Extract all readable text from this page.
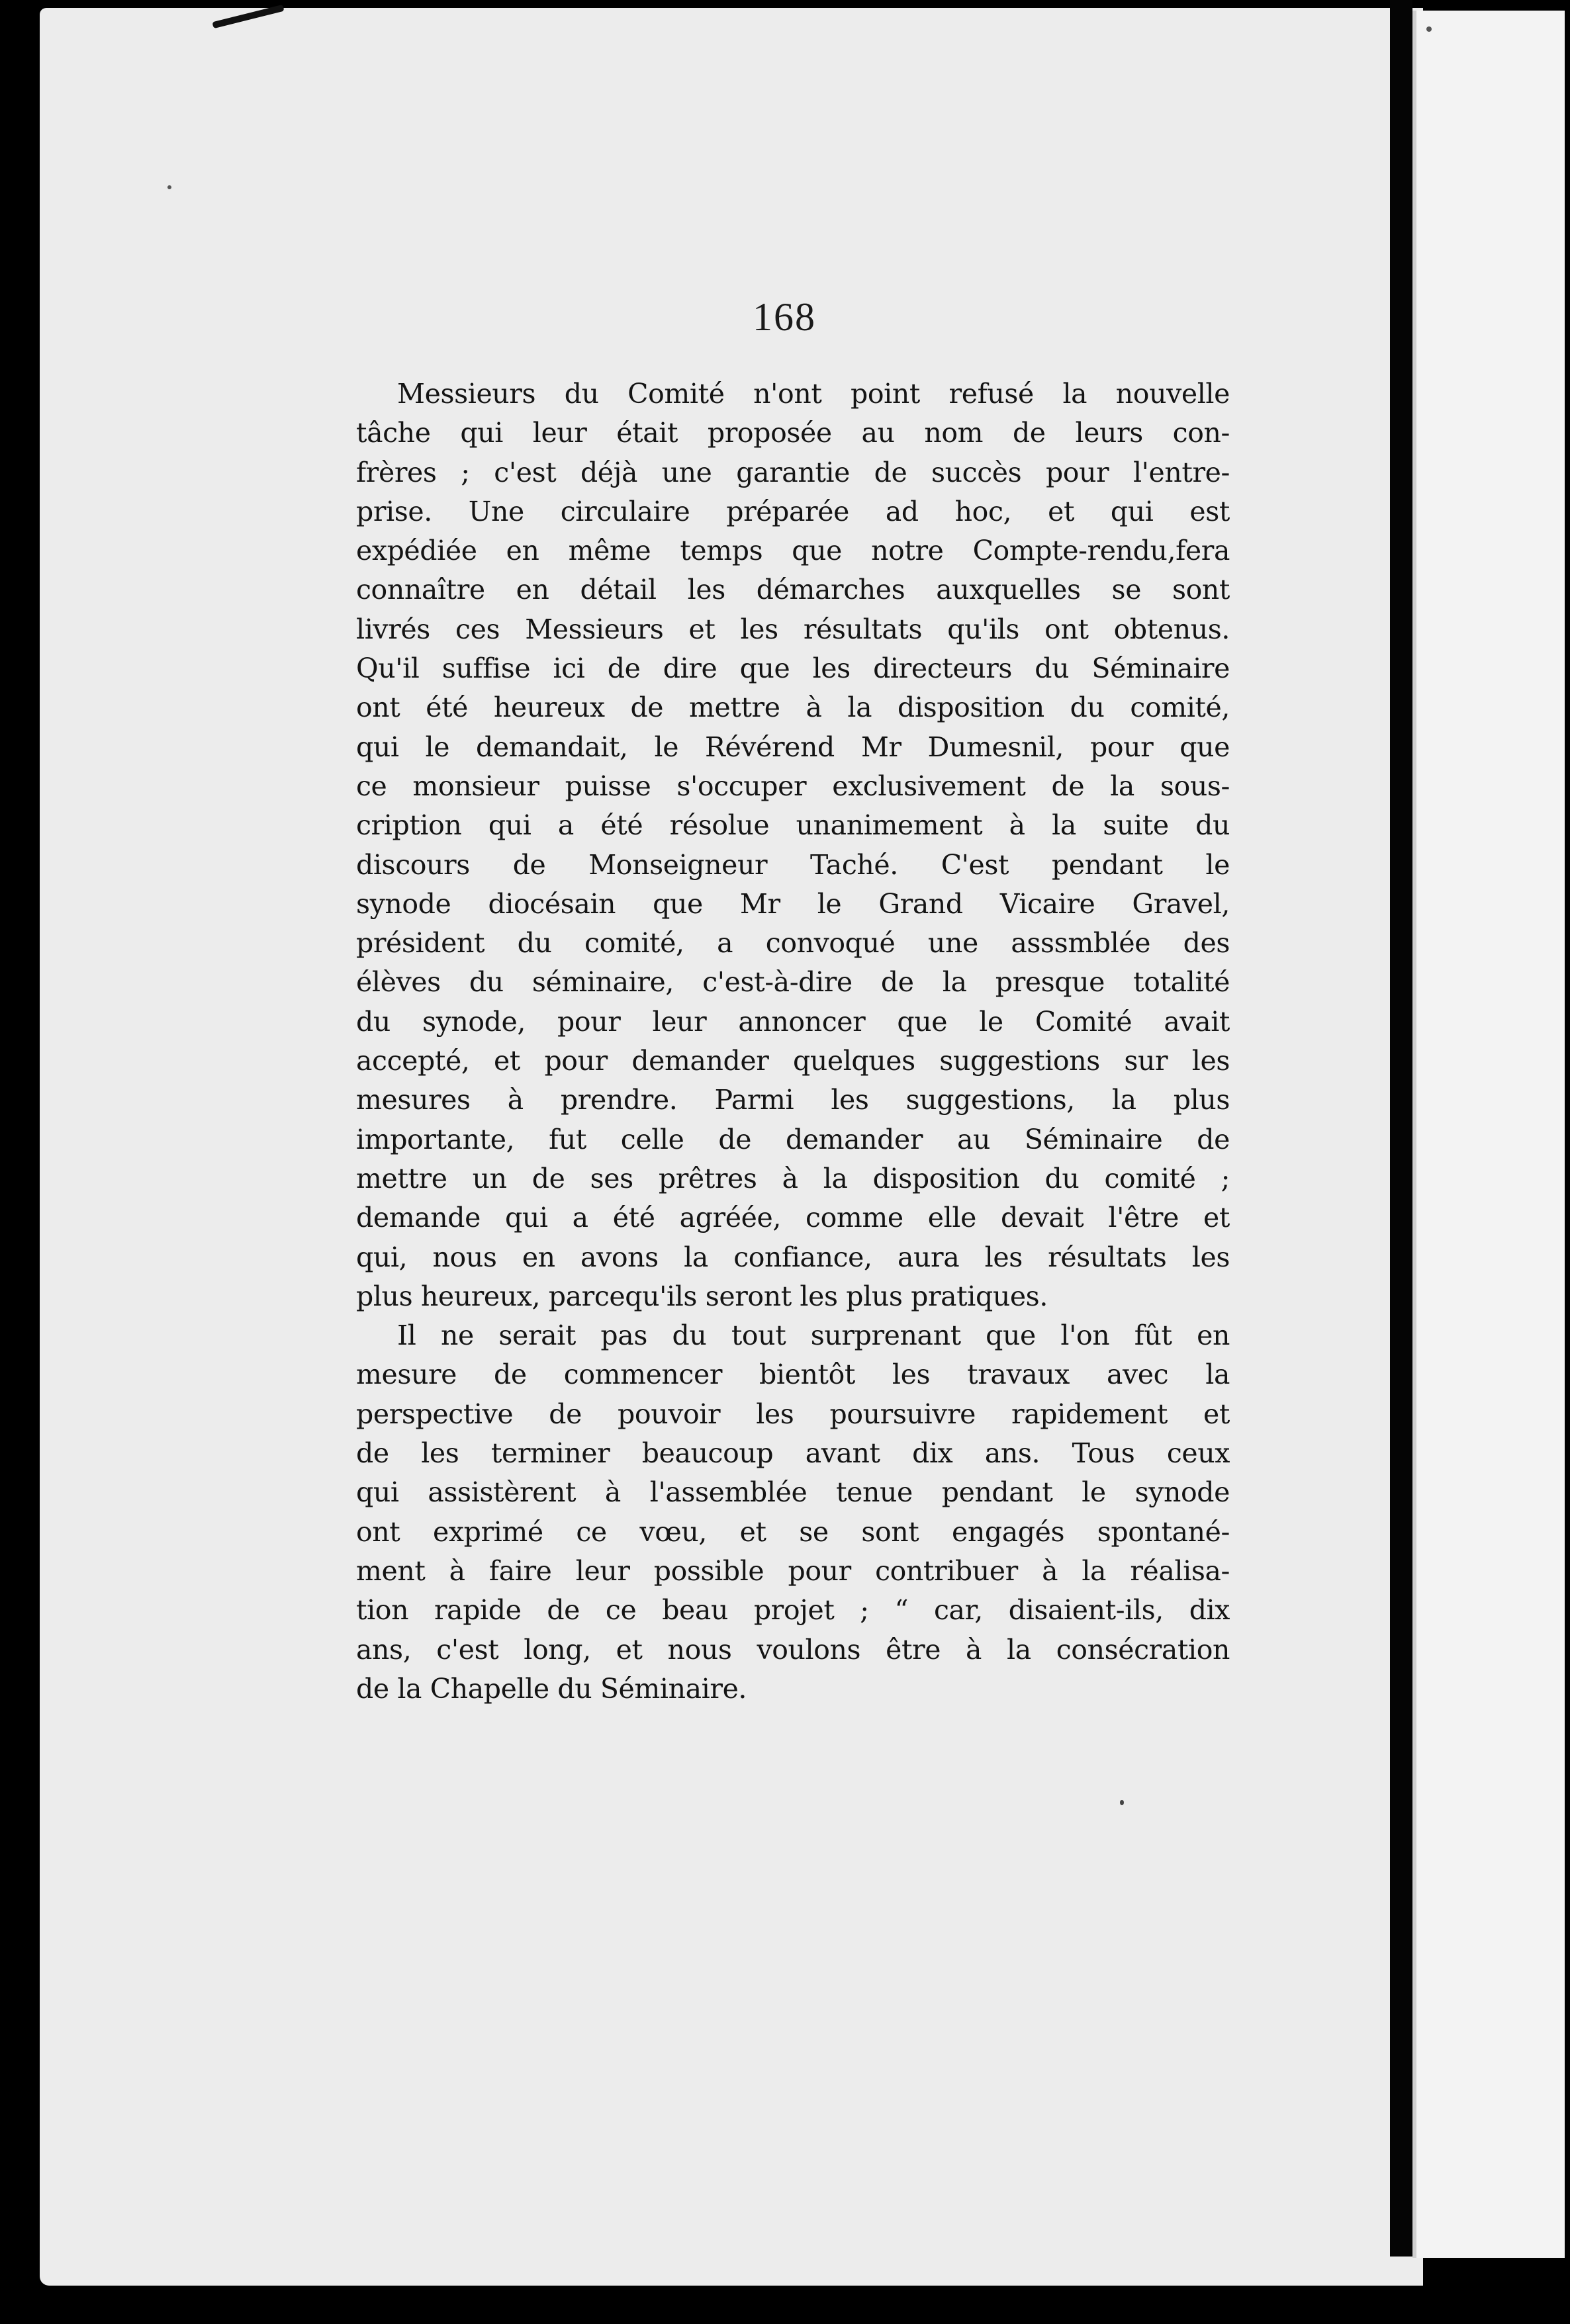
168
Messieurs du Comité n'ont point refusé la nouvelle
tâche qui leur était proposée au nom de leurs con-
frères ; c'est déjà une garantie de succès pour l'entre-
prise. Une circulaire préparée ad hoc, et qui est
expédiée en même temps que notre Compte-rendu,fera
connaître en détail les démarches auxquelles se sont
livrés ces Messieurs et les résultats qu'ils ont obtenus.
Qu'il suffise ici de dire que les directeurs du Séminaire
ont été heureux de mettre à la disposition du comité,
qui le demandait, le Révérend Mr Dumesnil, pour que
ce monsieur puisse s'occuper exclusivement de la sous-
cription qui a été résolue unanimement à la suite du
discours de Monseigneur Taché. C'est pendant le
synode diocésain que Mr le Grand Vicaire Gravel,
président du comité, a convoqué une asssmblée des
élèves du séminaire, c'est-à-dire de la presque totalité
du synode, pour leur annoncer que le Comité avait
accepté, et pour demander quelques suggestions sur les
mesures à prendre. Parmi les suggestions, la plus
importante, fut celle de demander au Séminaire de
mettre un de ses prêtres à la disposition du comité ;
demande qui a été agréée, comme elle devait l'être et
qui, nous en avons la confiance, aura les résultats les
plus heureux, parcequ'ils seront les plus pratiques.
Il ne serait pas du tout surprenant que l'on fût en
mesure de commencer bientôt les travaux avec la
perspective de pouvoir les poursuivre rapidement et
de les terminer beaucoup avant dix ans. Tous ceux
qui assistèrent à l'assemblée tenue pendant le synode
ont exprimé ce vœu, et se sont engagés spontané-
ment à faire leur possible pour contribuer à la réalisa-
tion rapide de ce beau projet ; “ car, disaient-ils, dix
ans, c'est long, et nous voulons être à la consécration
de la Chapelle du Séminaire.
